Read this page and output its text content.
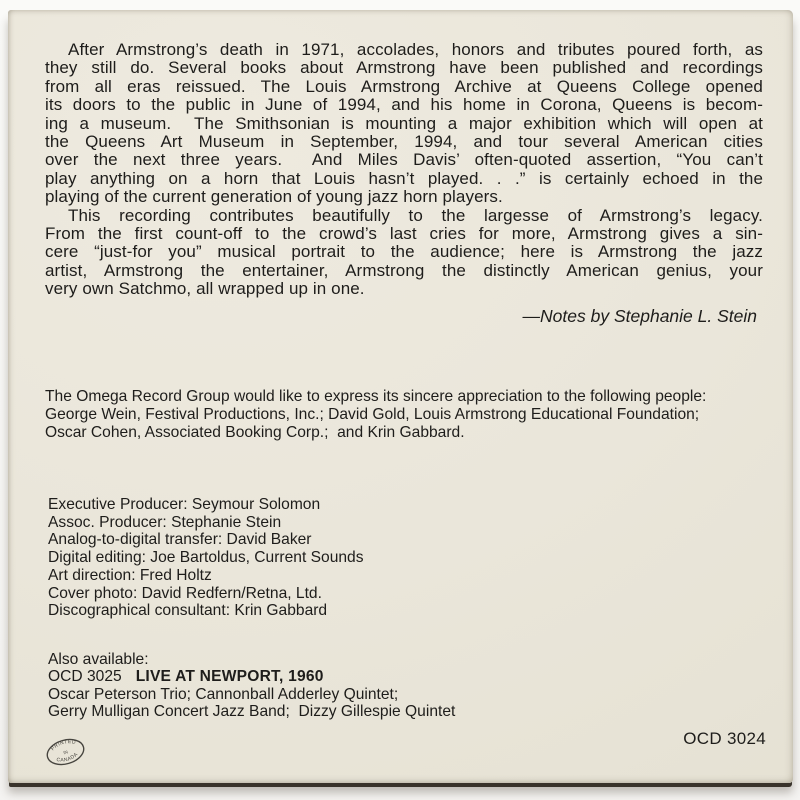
After Armstrong’s death in 1971, accolades, honors and tributes poured forth, as
they still do. Several books about Armstrong have been published and recordings
from all eras reissued. The Louis Armstrong Archive at Queens College opened
its doors to the public in June of 1994, and his home in Corona, Queens is becom-
ing a museum.  The Smithsonian is mounting a major exhibition which will open at
the Queens Art Museum in September, 1994, and tour several American cities
over the next three years.  And Miles Davis’ often-quoted assertion, “You can’t
play anything on a horn that Louis hasn’t played. . .” is certainly echoed in the
playing of the current generation of young jazz horn players.
This recording contributes beautifully to the largesse of Armstrong’s legacy.
From the first count-off to the crowd’s last cries for more, Armstrong gives a sin-
cere “just-for you” musical portrait to the audience; here is Armstrong the jazz
artist, Armstrong the entertainer, Armstrong the distinctly American genius, your
very own Satchmo, all wrapped up in one.
—Notes by Stephanie L. Stein
The Omega Record Group would like to express its sincere appreciation to the following people:
George Wein, Festival Productions, Inc.; David Gold, Louis Armstrong Educational Foundation;
Oscar Cohen, Associated Booking Corp.;  and Krin Gabbard.
Executive Producer: Seymour Solomon
Assoc. Producer: Stephanie Stein
Analog-to-digital transfer: David Baker
Digital editing: Joe Bartoldus, Current Sounds
Art direction: Fred Holtz
Cover photo: David Redfern/Retna, Ltd.
Discographical consultant: Krin Gabbard
Also available:
OCD 3025 LIVE AT NEWPORT, 1960
Oscar Peterson Trio; Cannonball Adderley Quintet;
Gerry Mulligan Concert Jazz Band;  Dizzy Gillespie Quintet
PRINTED
CANADA
IN
OCD 3024
